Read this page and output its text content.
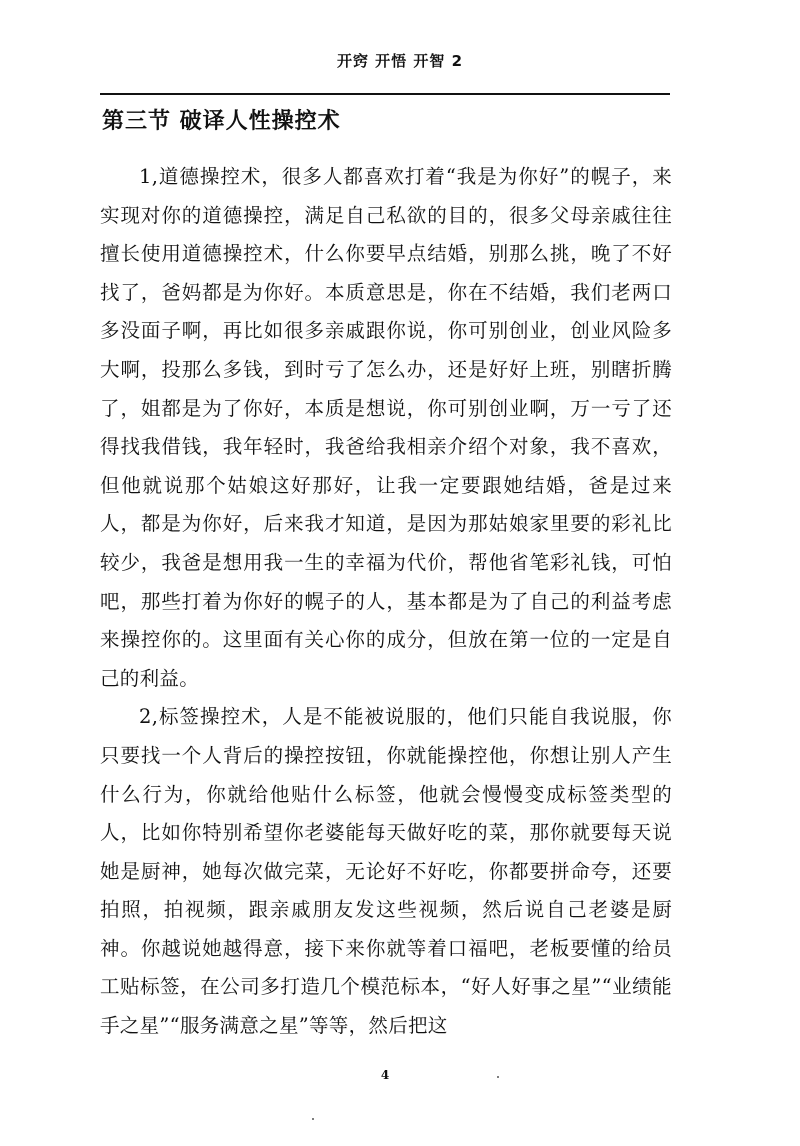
开窍 开悟 开智 2
第三节 破译人性操控术

1,道德操控术，很多人都喜欢打着“我是为你好”的幌子，来实现对你的道德操控，满足自己私欲的目的，很多父母亲戚往往擅长使用道德操控术，什么你要早点结婚，别那么挑，晚了不好找了，爸妈都是为你好。本质意思是，你在不结婚，我们老两口多没面子啊，再比如很多亲戚跟你说，你可别创业，创业风险多大啊，投那么多钱，到时亏了怎么办，还是好好上班，别瞎折腾了，姐都是为了你好，本质是想说，你可别创业啊，万一亏了还得找我借钱，我年轻时，我爸给我相亲介绍个对象，我不喜欢，但他就说那个姑娘这好那好，让我一定要跟她结婚，爸是过来人，都是为你好，后来我才知道，是因为那姑娘家里要的彩礼比较少，我爸是想用我一生的幸福为代价，帮他省笔彩礼钱，可怕吧，那些打着为你好的幌子的人，基本都是为了自己的利益考虑来操控你的。这里面有关心你的成分，但放在第一位的一定是自己的利益。

2,标签操控术，人是不能被说服的，他们只能自我说服，你只要找一个人背后的操控按钮，你就能操控他，你想让别人产生什么行为，你就给他贴什么标签，他就会慢慢变成标签类型的人，比如你特别希望你老婆能每天做好吃的菜，那你就要每天说她是厨神，她每次做完菜，无论好不好吃，你都要拼命夸，还要拍照，拍视频，跟亲戚朋友发这些视频，然后说自己老婆是厨神。你越说她越得意，接下来你就等着口福吧，老板要懂的给员工贴标签，在公司多打造几个模范标本，“好人好事之星”“业绩能手之星”“服务满意之星”等等，然后把这

4
